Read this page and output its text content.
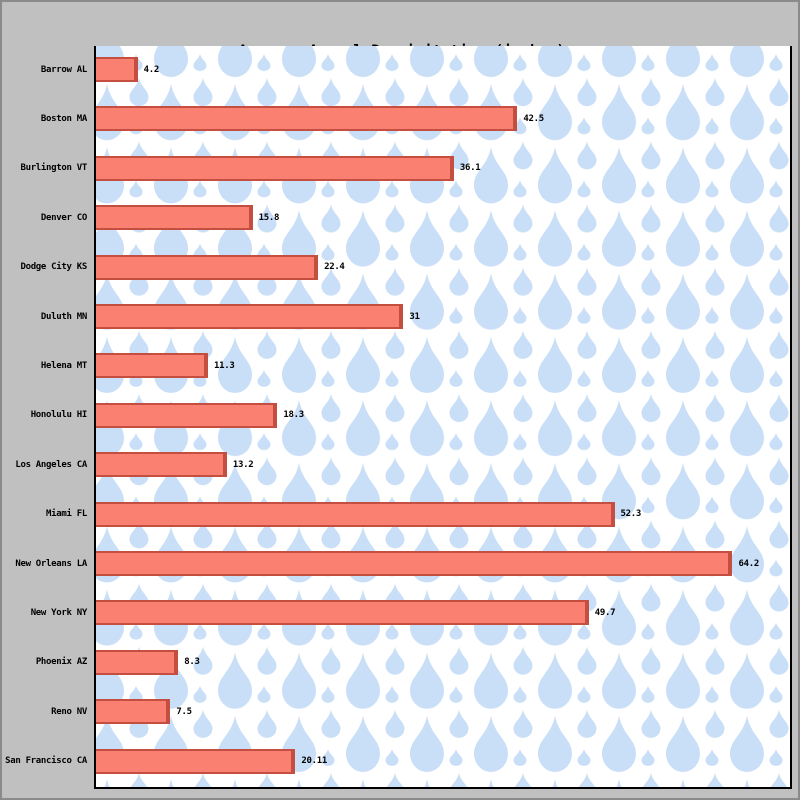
Barrow AL
Boston MA
Burlington VT
Denver CO
Dodge City KS
Duluth MN
Helena MT
Honolulu HI
Los Angeles CA
Miami FL
New Orleans LA
New York NY
Phoenix AZ
Reno NV
San Francisco CA
4.2
42.5
36.1
15.8
22.4
31
11.3
18.3
13.2
52.3
64.2
49.7
8.3
7.5
20.11
